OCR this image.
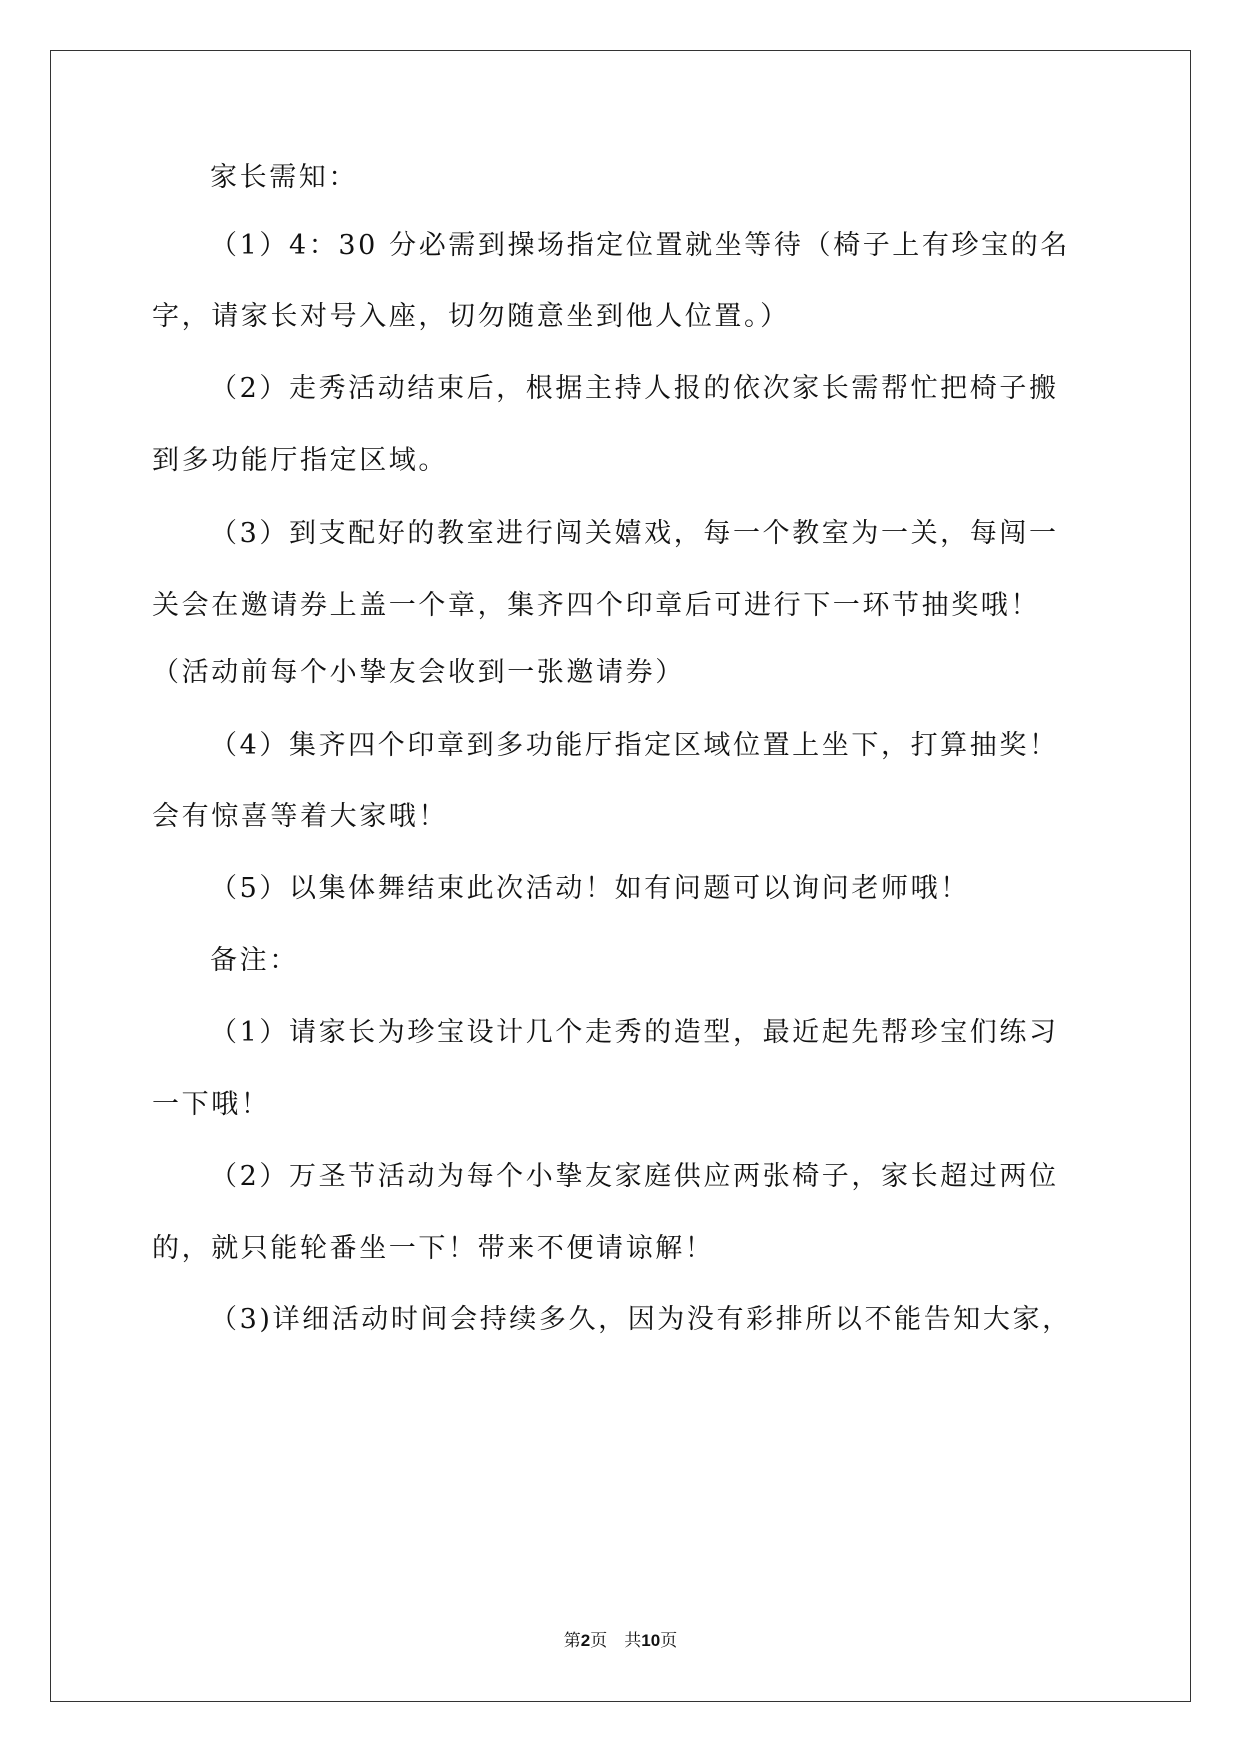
家长需知：
（1）4：30 分必需到操场指定位置就坐等待（椅子上有珍宝的名
字，请家长对号入座，切勿随意坐到他人位置。）
（2）走秀活动结束后，根据主持人报的依次家长需帮忙把椅子搬
到多功能厅指定区域。
（3）到支配好的教室进行闯关嬉戏，每一个教室为一关，每闯一
关会在邀请券上盖一个章，集齐四个印章后可进行下一环节抽奖哦！
（活动前每个小挚友会收到一张邀请券）
（4）集齐四个印章到多功能厅指定区域位置上坐下，打算抽奖！
会有惊喜等着大家哦！
（5）以集体舞结束此次活动！如有问题可以询问老师哦！
备注：
（1）请家长为珍宝设计几个走秀的造型，最近起先帮珍宝们练习
一下哦！
（2）万圣节活动为每个小挚友家庭供应两张椅子，家长超过两位
的，就只能轮番坐一下！带来不便请谅解！
（3)详细活动时间会持续多久，因为没有彩排所以不能告知大家，
第2页　共10页
